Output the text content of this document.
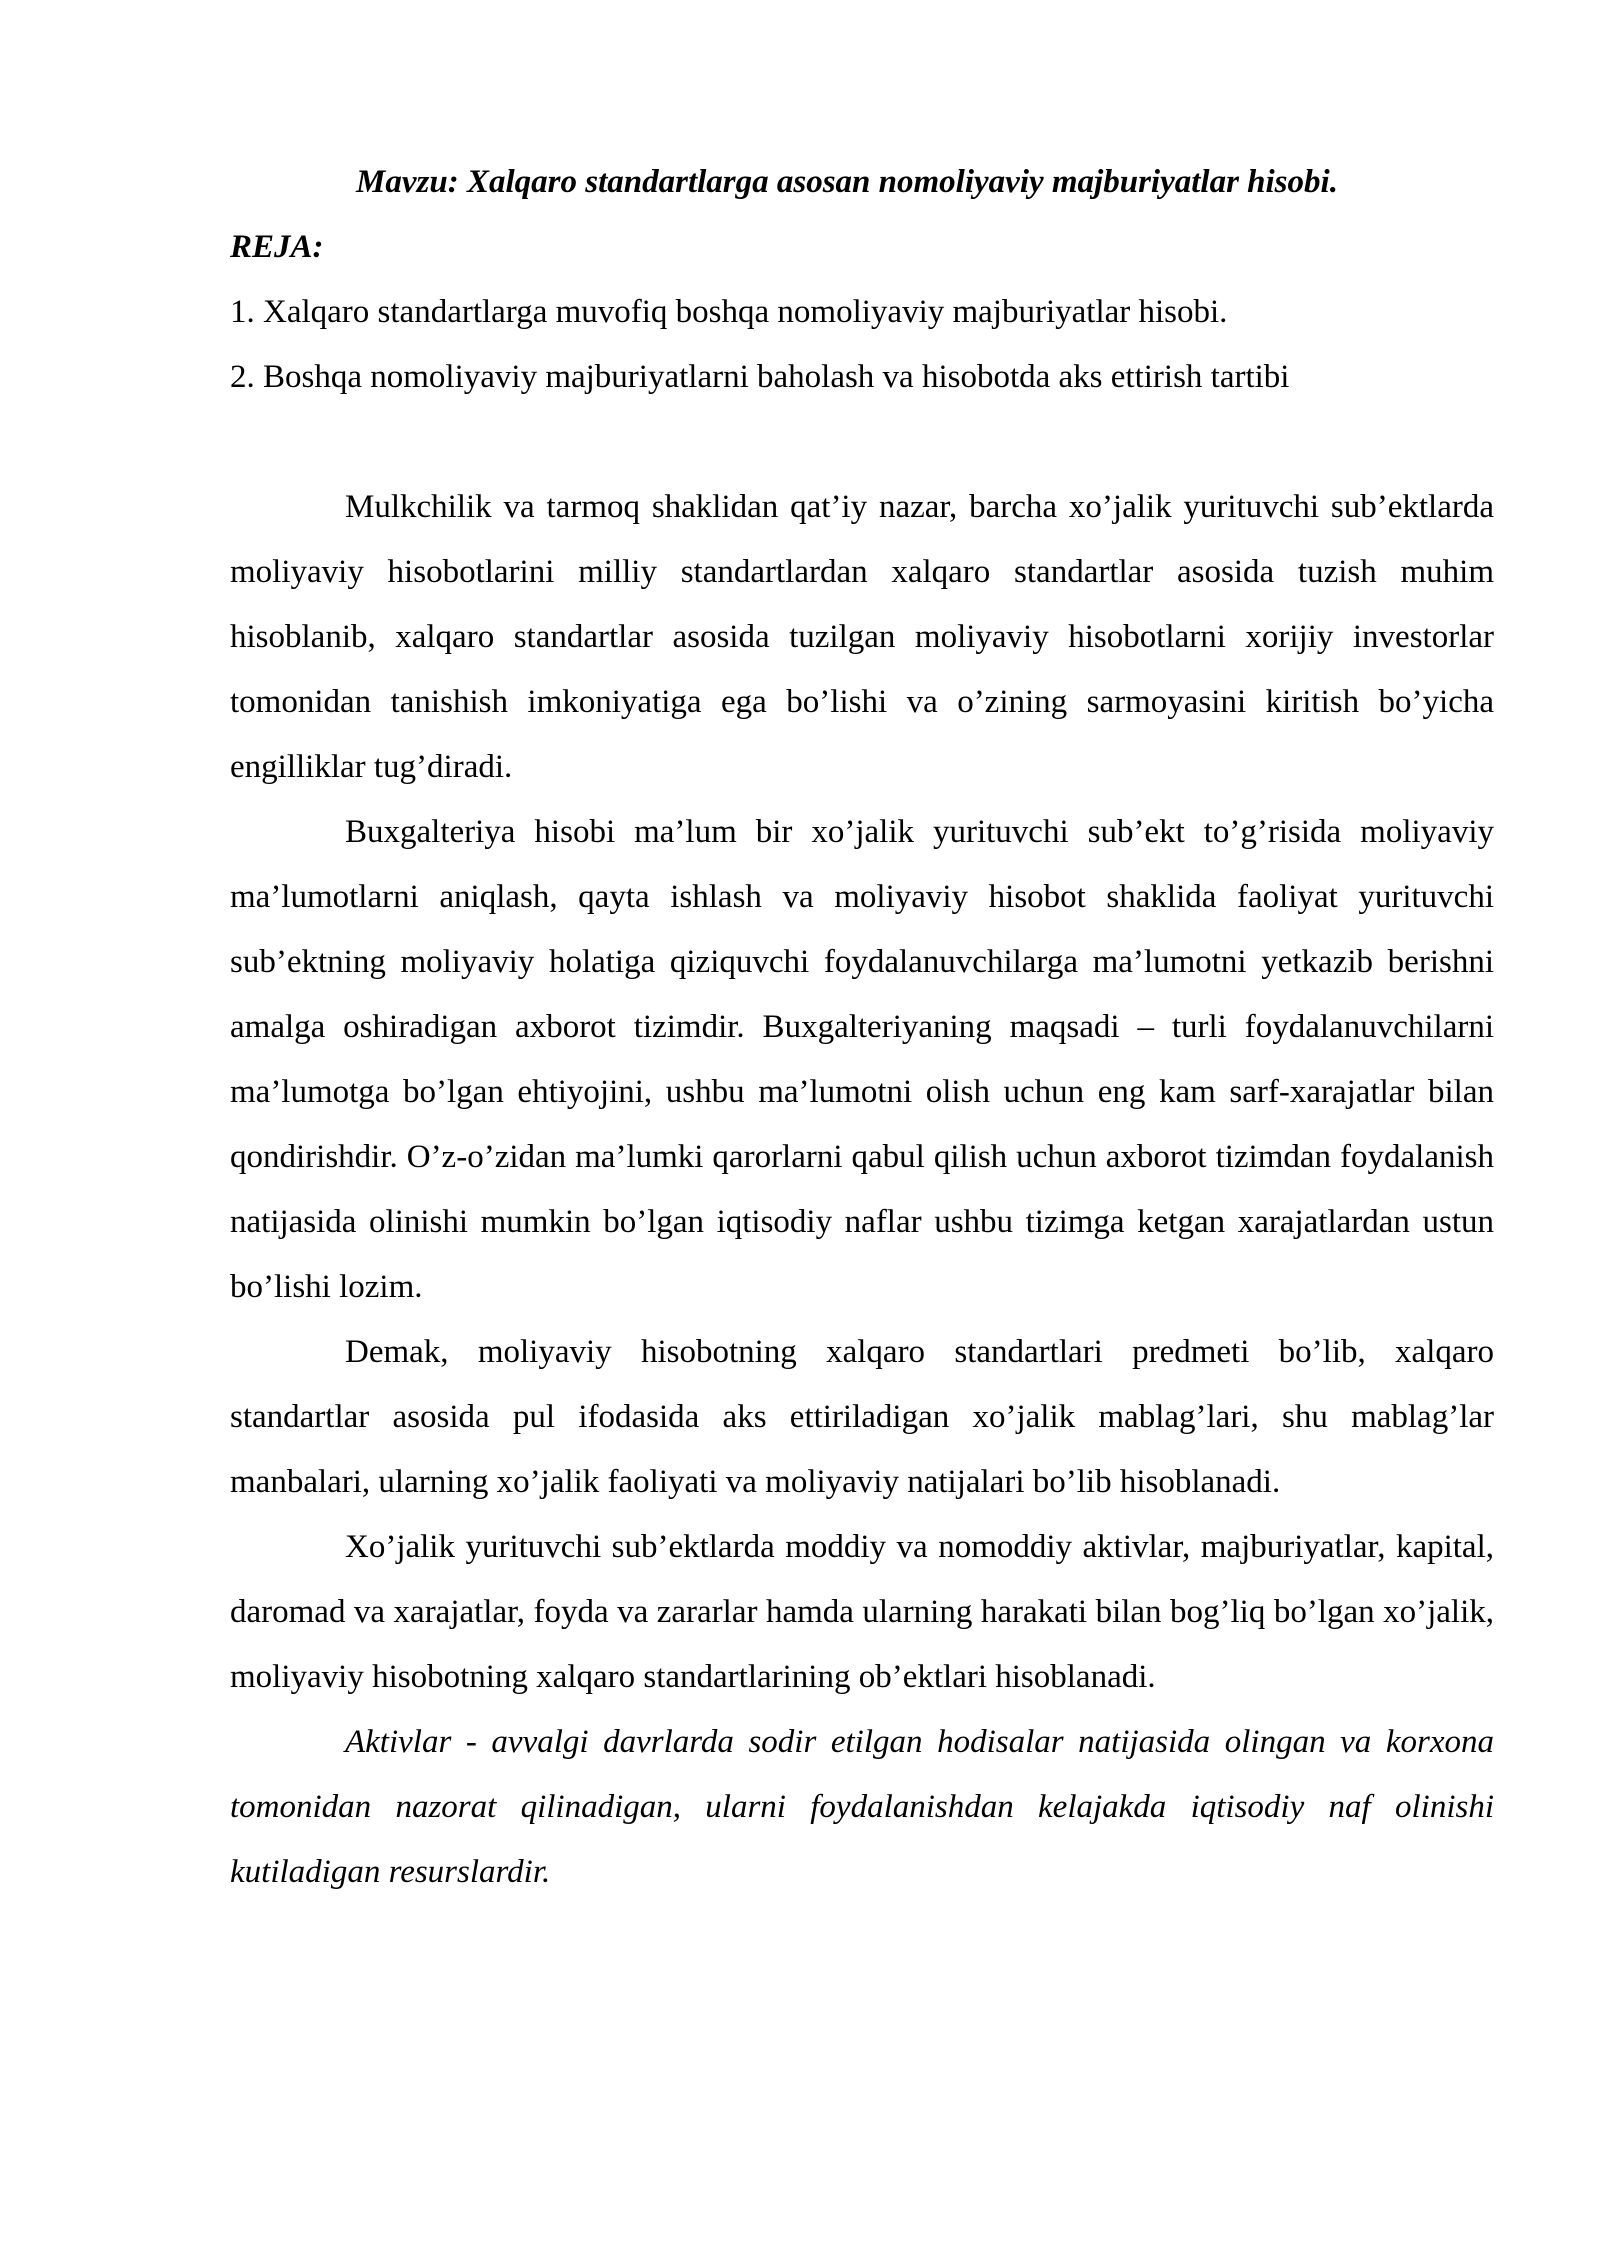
Mavzu: Xalqaro standartlarga asosan nomoliyaviy majburiyatlar hisobi.

REJA:

1. Xalqaro standartlarga muvofiq boshqa nomoliyaviy majburiyatlar hisobi.
2. Boshqa nomoliyaviy majburiyatlarni baholash va hisobotda aks ettirish tartibi

Mulkchilik va tarmoq shaklidan qat’iy nazar, barcha xo’jalik yurituvchi sub’ektlarda moliyaviy hisobotlarini milliy standartlardan xalqaro standartlar asosida tuzish muhim hisoblanib, xalqaro standartlar asosida tuzilgan moliyaviy hisobotlarni xorijiy investorlar tomonidan tanishish imkoniyatiga ega bo’lishi va o’zining sarmoyasini kiritish bo’yicha engilliklar tug’diradi.

Buxgalteriya hisobi ma’lum bir xo’jalik yurituvchi sub’ekt to’g’risida moliyaviy ma’lumotlarni aniqlash, qayta ishlash va moliyaviy hisobot shaklida faoliyat yurituvchi sub’ektning moliyaviy holatiga qiziquvchi foydalanuvchilarga ma’lumotni yetkazib berishni amalga oshiradigan axborot tizimdir. Buxgalteriyaning maqsadi – turli foydalanuvchilarni ma’lumotga bo’lgan ehtiyojini, ushbu ma’lumotni olish uchun eng kam sarf-xarajatlar bilan qondirishdir. O’z-o’zidan ma’lumki qarorlarni qabul qilish uchun axborot tizimdan foydalanish natijasida olinishi mumkin bo’lgan iqtisodiy naflar ushbu tizimga ketgan xarajatlardan ustun bo’lishi lozim.

Demak, moliyaviy hisobotning xalqaro standartlari predmeti bo’lib, xalqaro standartlar asosida pul ifodasida aks ettiriladigan xo’jalik mablag’lari, shu mablag’lar manbalari, ularning xo’jalik faoliyati va moliyaviy natijalari bo’lib hisoblanadi.

Xo’jalik yurituvchi sub’ektlarda moddiy va nomoddiy aktivlar, majburiyatlar, kapital, daromad va xarajatlar, foyda va zararlar hamda ularning harakati bilan bog’liq bo’lgan xo’jalik, moliyaviy hisobotning xalqaro standartlarining ob’ektlari hisoblanadi.

Aktivlar - avvalgi davrlarda sodir etilgan hodisalar natijasida olingan va korxona tomonidan nazorat qilinadigan, ularni foydalanishdan kelajakda iqtisodiy naf olinishi kutiladigan resurslardir.
